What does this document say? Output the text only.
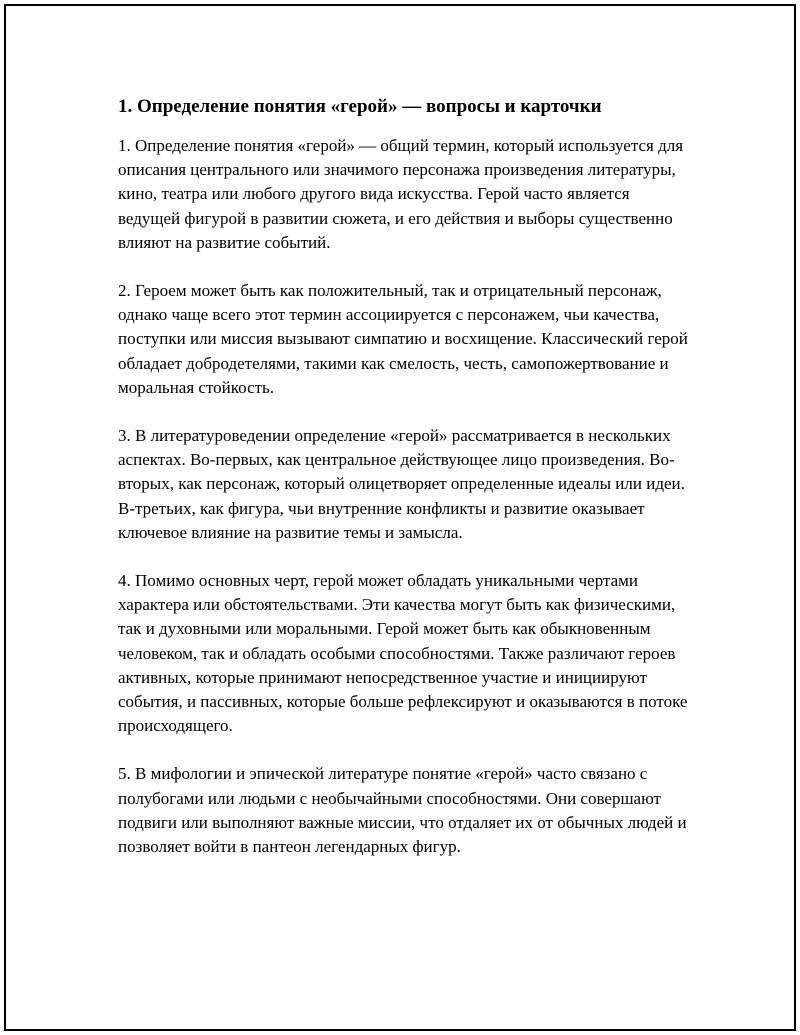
1. Определение понятия «герой» — вопросы и карточки

1. Определение понятия «герой» — общий термин, который используется для описания центрального или значимого персонажа произведения литературы, кино, театра или любого другого вида искусства. Герой часто является ведущей фигурой в развитии сюжета, и его действия и выборы существенно влияют на развитие событий.

2. Героем может быть как положительный, так и отрицательный персонаж, однако чаще всего этот термин ассоциируется с персонажем, чьи качества, поступки или миссия вызывают симпатию и восхищение. Классический герой обладает добродетелями, такими как смелость, честь, самопожертвование и моральная стойкость.

3. В литературоведении определение «герой» рассматривается в нескольких аспектах. Во-первых, как центральное действующее лицо произведения. Во-вторых, как персонаж, который олицетворяет определенные идеалы или идеи. В-третьих, как фигура, чьи внутренние конфликты и развитие оказывает ключевое влияние на развитие темы и замысла.

4. Помимо основных черт, герой может обладать уникальными чертами характера или обстоятельствами. Эти качества могут быть как физическими, так и духовными или моральными. Герой может быть как обыкновенным человеком, так и обладать особыми способностями. Также различают героев активных, которые принимают непосредственное участие и инициируют события, и пассивных, которые больше рефлексируют и оказываются в потоке происходящего.

5. В мифологии и эпической литературе понятие «герой» часто связано с полубогами или людьми с необычайными способностями. Они совершают подвиги или выполняют важные миссии, что отдаляет их от обычных людей и позволяет войти в пантеон легендарных фигур.
